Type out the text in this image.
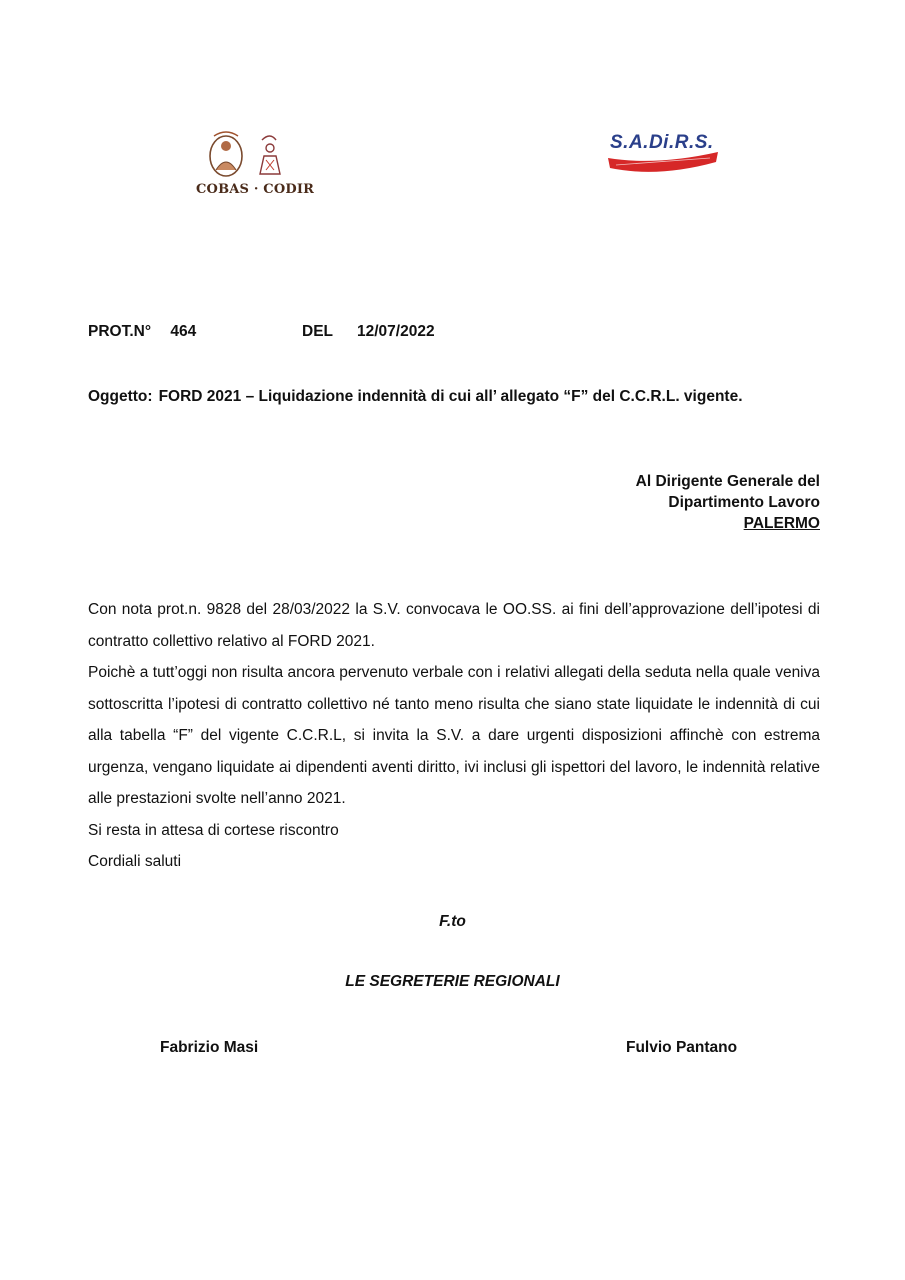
COBAS · CODIR
S.A.Di.R.S.
PROT.N° 464	DEL 12/07/2022
Oggetto: FORD 2021 – Liquidazione indennità di cui all’ allegato “F” del C.C.R.L. vigente.
Al Dirigente Generale del
Dipartimento Lavoro
PALERMO

Con nota prot.n. 9828 del 28/03/2022 la S.V. convocava le OO.SS. ai fini dell’approvazione dell’ipotesi di contratto collettivo relativo al FORD 2021.

Poichè a tutt’oggi non risulta ancora pervenuto verbale con i relativi allegati della seduta nella quale veniva sottoscritta l’ipotesi di contratto collettivo né tanto meno risulta che siano state liquidate le indennità di cui alla tabella “F” del vigente C.C.R.L, si invita la S.V. a dare urgenti disposizioni affinchè con estrema urgenza, vengano liquidate ai dipendenti aventi diritto, ivi inclusi gli ispettori del lavoro, le indennità relative alle prestazioni svolte nell’anno 2021.

Si resta in attesa di cortese riscontro

Cordiali saluti

F.to
LE SEGRETERIE REGIONALI
Fabrizio Masi	Fulvio Pantano
